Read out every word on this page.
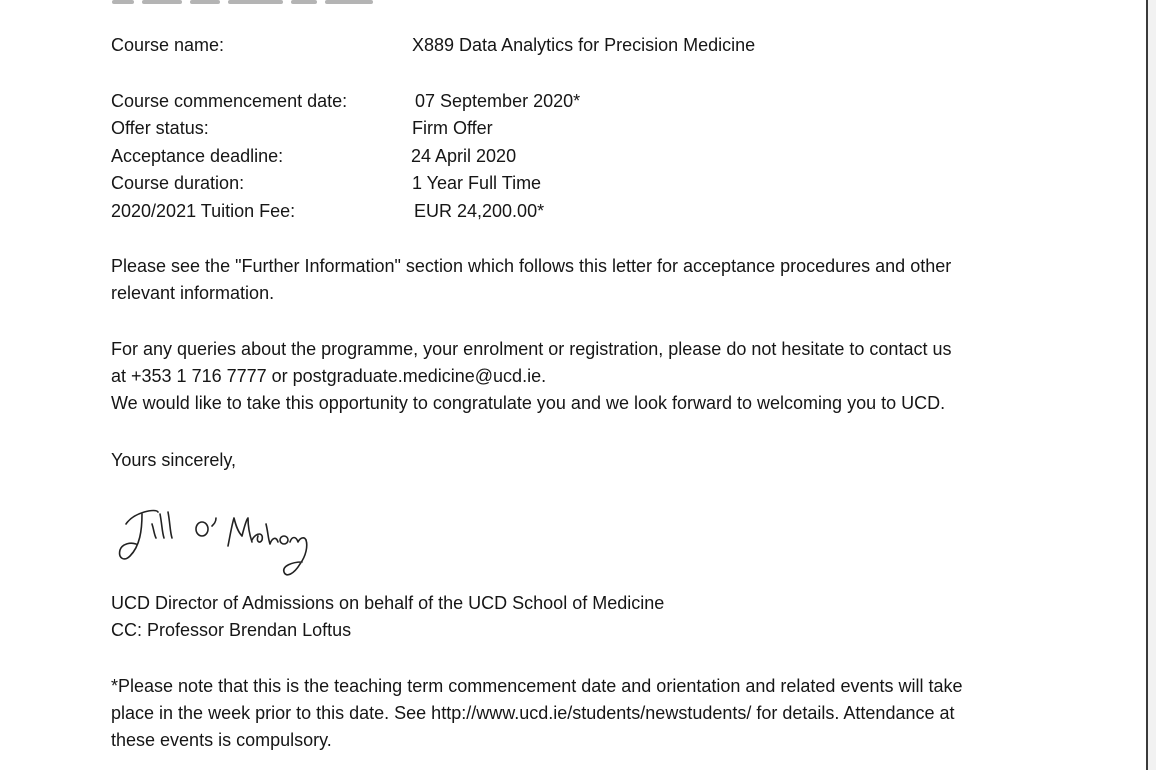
Course name:	X889 Data Analytics for Precision Medicine
Course commencement date:	07 September 2020*
Offer status:	Firm Offer
Acceptance deadline:	24 April 2020
Course duration:	1 Year Full Time
2020/2021 Tuition Fee:	EUR 24,200.00*
Please see the "Further Information" section which follows this letter for acceptance procedures and other
relevant information.
For any queries about the programme, your enrolment or registration, please do not hesitate to contact us
at +353 1 716 7777 or postgraduate.medicine@ucd.ie.
We would like to take this opportunity to congratulate you and we look forward to welcoming you to UCD.
Yours sincerely,
UCD Director of Admissions on behalf of the UCD School of Medicine
CC: Professor Brendan Loftus
*Please note that this is the teaching term commencement date and orientation and related events will take
place in the week prior to this date. See http://www.ucd.ie/students/newstudents/ for details. Attendance at
these events is compulsory.
